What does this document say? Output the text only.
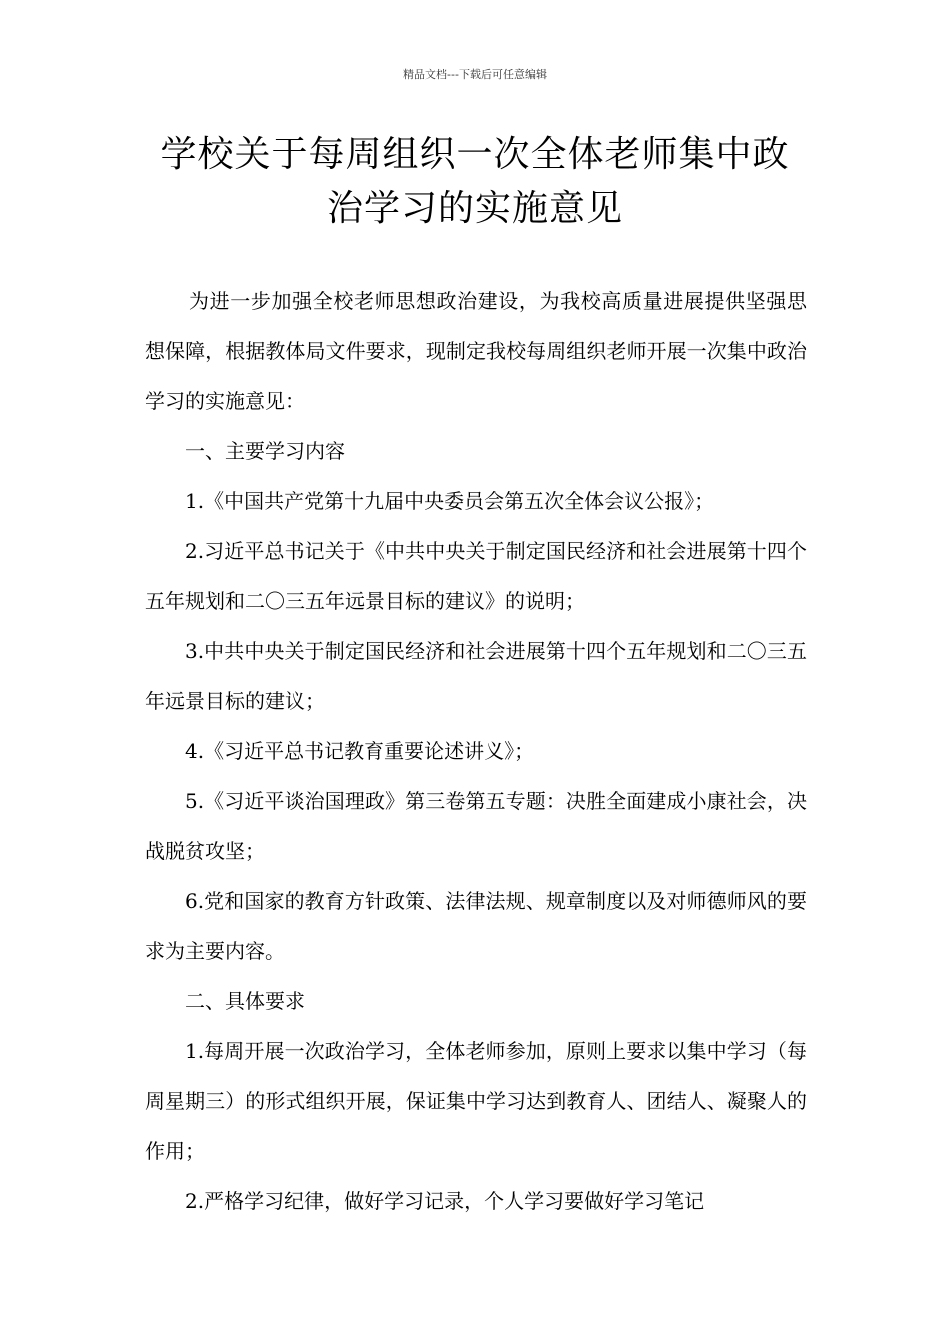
精品文档---下载后可任意编辑
学校关于每周组织一次全体老师集中政
治学习的实施意见

为进一步加强全校老师思想政治建设，为我校高质量进展提供坚强思想保障，根据教体局文件要求，现制定我校每周组织老师开展一次集中政治学习的实施意见：

一、主要学习内容

1.《中国共产党第十九届中央委员会第五次全体会议公报》；

2.习近平总书记关于《中共中央关于制定国民经济和社会进展第十四个五年规划和二〇三五年远景目标的建议》的说明；

3.中共中央关于制定国民经济和社会进展第十四个五年规划和二〇三五年远景目标的建议；

4.《习近平总书记教育重要论述讲义》；

5.《习近平谈治国理政》第三卷第五专题：决胜全面建成小康社会，决战脱贫攻坚；

6.党和国家的教育方针政策、法律法规、规章制度以及对师德师风的要求为主要内容。

二、具体要求

1.每周开展一次政治学习，全体老师参加，原则上要求以集中学习（每周星期三）的形式组织开展，保证集中学习达到教育人、团结人、凝聚人的作用；

2.严格学习纪律，做好学习记录，个人学习要做好学习笔记
